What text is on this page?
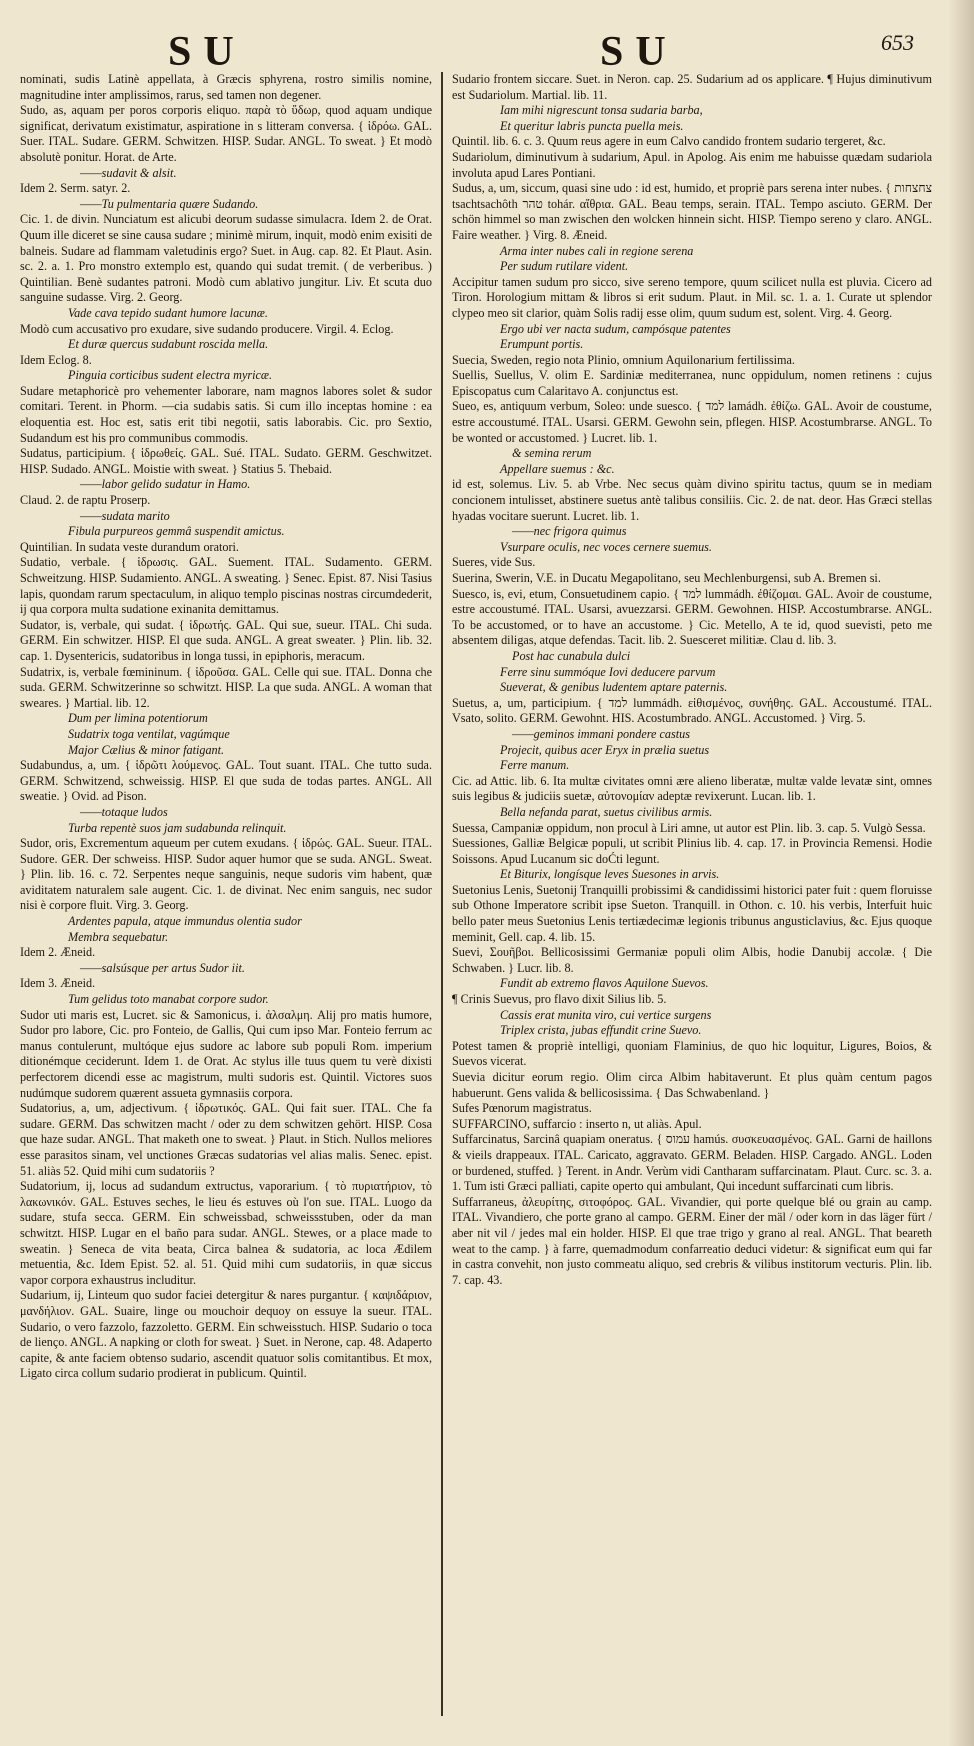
SU	SU	653

nominati, sudis Latinè appellata, à Græcis sphyrena, rostro similis nomine, magnitudine inter amplissimos, rarus, sed tamen non degener.

Sudo, as, aquam per poros corporis eliquo. παρὰ τὸ ὕδωρ, quod aquam undique significat, derivatum existimatur, aspiratione in s litteram conversa. { ἱδρόω. GAL. Suer. ITAL. Sudare. GERM. Schwitzen. HISP. Sudar. ANGL. To sweat. } Et modò absolutè ponitur. Horat. de Arte.

——sudavit & alsit.

Idem 2. Serm. satyr. 2.

——Tu pulmentaria quære Sudando.

Cic. 1. de divin. Nunciatum est alicubi deorum sudasse simulacra. Idem 2. de Orat. Quum ille diceret se sine causa sudare ; minimè mirum, inquit, modò enim exisiti de balneis. Sudare ad flammam valetudinis ergo? Suet. in Aug. cap. 82. Et Plaut. Asin. sc. 2. a. 1. Pro monstro extemplo est, quando qui sudat tremit. ( de verberibus. ) Quintilian. Benè sudantes patroni. Modò cum ablativo jungitur. Liv. Et scuta duo sanguine sudasse. Virg. 2. Georg.

Vade cava tepido sudant humore lacunæ.

Modò cum accusativo pro exudare, sive sudando producere. Virgil. 4. Eclog.

Et duræ quercus sudabunt roscida mella.

Idem Eclog. 8.

Pinguia corticibus sudent electra myricæ.

Sudare metaphoricè pro vehementer laborare, nam magnos labores solet & sudor comitari. Terent. in Phorm. —cia sudabis satis. Si cum illo inceptas homine : ea eloquentia est. Hoc est, satis erit tibi negotii, satis laborabis. Cic. pro Sextio, Sudandum est his pro communibus commodis.

Sudatus, participium. { ἱδρωθείς. GAL. Sué. ITAL. Sudato. GERM. Geschwitzet. HISP. Sudado. ANGL. Moistie with sweat. } Statius 5. Thebaid.

——labor gelido sudatur in Hamo.

Claud. 2. de raptu Proserp.

——sudata marito

Fibula purpureos gemmâ suspendit amictus.

Quintilian. In sudata veste durandum oratori.

Sudatio, verbale. { ἱδρωσις. GAL. Suement. ITAL. Sudamento. GERM. Schweitzung. HISP. Sudamiento. ANGL. A sweating. } Senec. Epist. 87. Nisi Tasius lapis, quondam rarum spectaculum, in aliquo templo piscinas nostras circumdederit, ij qua corpora multa sudatione exinanita demittamus.

Sudator, is, verbale, qui sudat. { ἱδρωτής. GAL. Qui sue, sueur. ITAL. Chi suda. GERM. Ein schwitzer. HISP. El que suda. ANGL. A great sweater. } Plin. lib. 32. cap. 1. Dysentericis, sudatoribus in longa tussi, in epiphoris, meracum.

Sudatrix, is, verbale fœmininum. { ἱδροῦσα. GAL. Celle qui sue. ITAL. Donna che suda. GERM. Schwitzerinne so schwitzt. HISP. La que suda. ANGL. A woman that sweares. } Martial. lib. 12.

Dum per limina potentiorum

Sudatrix toga ventilat, vagúmque

Major Cælius & minor fatigant.

Sudabundus, a, um. { ἱδρῶτι λούμενος. GAL. Tout suant. ITAL. Che tutto suda. GERM. Schwitzend, schweissig. HISP. El que suda de todas partes. ANGL. All sweatie. } Ovid. ad Pison.

——totaque ludos

Turba repentè suos jam sudabunda relinquit.

Sudor, oris, Excrementum aqueum per cutem exudans. { ἱδρώς. GAL. Sueur. ITAL. Sudore. GER. Der schweiss. HISP. Sudor aquer humor que se suda. ANGL. Sweat. } Plin. lib. 16. c. 72. Serpentes neque sanguinis, neque sudoris vim habent, quæ aviditatem naturalem sale augent. Cic. 1. de divinat. Nec enim sanguis, nec sudor nisi è corpore fluit. Virg. 3. Georg.

Ardentes papula, atque immundus olentia sudor

Membra sequebatur.

Idem 2. Æneid.

——salsúsque per artus Sudor iit.

Idem 3. Æneid.

Tum gelidus toto manabat corpore sudor.

Sudor uti maris est, Lucret. sic & Samonicus, i. ἀλσαλμη. Alij pro matis humore, Sudor pro labore, Cic. pro Fonteio, de Gallis, Qui cum ipso Mar. Fonteio ferrum ac manus contulerunt, multóque ejus sudore ac labore sub populi Rom. imperium ditionémque ceciderunt. Idem 1. de Orat. Ac stylus ille tuus quem tu verè dixisti perfectorem dicendi esse ac magistrum, multi sudoris est. Quintil. Victores suos nudúmque sudorem quærent assueta gymnasiis corpora.

Sudatorius, a, um, adjectivum. { ἱδρωτικός. GAL. Qui fait suer. ITAL. Che fa sudare. GERM. Das schwitzen macht / oder zu dem schwitzen gehört. HISP. Cosa que haze sudar. ANGL. That maketh one to sweat. } Plaut. in Stich. Nullos meliores esse parasitos sinam, vel unctiones Græcas sudatorias vel alias malis. Senec. epist. 51. aliàs 52. Quid mihi cum sudatoriis ?

Sudatorium, ij, locus ad sudandum extructus, vaporarium. { τὸ πυριατήριον, τὸ λακωνικόν. GAL. Estuves seches, le lieu és estuves où l'on sue. ITAL. Luogo da sudare, stufa secca. GERM. Ein schweissbad, schweissstuben, oder da man schwitzt. HISP. Lugar en el baño para sudar. ANGL. Stewes, or a place made to sweatin. } Seneca de vita beata, Circa balnea & sudatoria, ac loca Ædilem metuentia, &c. Idem Epist. 52. al. 51. Quid mihi cum sudatoriis, in quæ siccus vapor corpora exhaustrus includitur.

Sudarium, ij, Linteum quo sudor faciei detergitur & nares purgantur. { καψιδάριον, μανδήλιον. GAL. Suaire, linge ou mouchoir dequoy on essuye la sueur. ITAL. Sudario, o vero fazzolo, fazzoletto. GERM. Ein schweisstuch. HISP. Sudario o toca de lienço. ANGL. A napking or cloth for sweat. } Suet. in Nerone, cap. 48. Adaperto capite, & ante faciem obtenso sudario, ascendit quatuor solis comitantibus. Et mox, Ligato circa collum sudario prodierat in publicum. Quintil.

Sudario frontem siccare. Suet. in Neron. cap. 25. Sudarium ad os applicare. ¶ Hujus diminutivum est Sudariolum. Martial. lib. 11.

Iam mihi nigrescunt tonsa sudaria barba,

Et queritur labris puncta puella meis.

Quintil. lib. 6. c. 3. Quum reus agere in eum Calvo candido frontem sudario tergeret, &c.

Sudariolum, diminutivum à sudarium, Apul. in Apolog. Ais enim me habuisse quædam sudariola involuta apud Lares Pontiani.

Sudus, a, um, siccum, quasi sine udo : id est, humido, et propriè pars serena inter nubes. { צחצחות tsachtsachôth טהר tohár. αἴθρια. GAL. Beau temps, serain. ITAL. Tempo asciuto. GERM. Der schön himmel so man zwischen den wolcken hinnein sicht. HISP. Tiempo sereno y claro. ANGL. Faire weather. } Virg. 8. Æneid.

Arma inter nubes cali in regione serena

Per sudum rutilare vident.

Accipitur tamen sudum pro sicco, sive sereno tempore, quum scilicet nulla est pluvia. Cicero ad Tiron. Horologium mittam & libros si erit sudum. Plaut. in Mil. sc. 1. a. 1. Curate ut splendor clypeo meo sit clarior, quàm Solis radij esse olim, quum sudum est, solent. Virg. 4. Georg.

Ergo ubi ver nacta sudum, campósque patentes

Erumpunt portis.

Suecia, Sweden, regio nota Plinio, omnium Aquilonarium fertilissima.

Suellis, Suellus, V. olim E. Sardiniæ mediterranea, nunc oppidulum, nomen retinens : cujus Episcopatus cum Calaritavo A. conjunctus est.

Sueo, es, antiquum verbum, Soleo: unde suesco. { למד lamádh. ἐθίζω. GAL. Avoir de coustume, estre accoustumé. ITAL. Usarsi. GERM. Gewohn sein, pflegen. HISP. Acostumbrarse. ANGL. To be wonted or accustomed. } Lucret. lib. 1.

& semina rerum

Appellare suemus : &c.

id est, solemus. Liv. 5. ab Vrbe. Nec secus quàm divino spiritu tactus, quum se in mediam concionem intulisset, abstinere suetus antè talibus consiliis. Cic. 2. de nat. deor. Has Græci stellas hyadas vocitare suerunt. Lucret. lib. 1.

——nec frigora quimus

Vsurpare oculis, nec voces cernere suemus.

Sueres, vide Sus.

Suerina, Swerin, V.E. in Ducatu Megapolitano, seu Mechlenburgensi, sub A. Bremen si.

Suesco, is, evi, etum, Consuetudinem capio. { למד lummádh. ἐθίζομαι. GAL. Avoir de coustume, estre accoustumé. ITAL. Usarsi, avuezzarsi. GERM. Gewohnen. HISP. Accostumbrarse. ANGL. To be accustomed, or to have an accustome. } Cic. Metello, A te id, quod suevisti, peto me absentem diligas, atque defendas. Tacit. lib. 2. Suesceret militiæ. Clau d. lib. 3.

Post hac cunabula dulci

Ferre sinu summóque Iovi deducere parvum

Sueverat, & genibus ludentem aptare paternis.

Suetus, a, um, participium. { למד lummádh. εἰθισμένος, συνήθης. GAL. Accoustumé. ITAL. Vsato, solito. GERM. Gewohnt. HIS. Acostumbrado. ANGL. Accustomed. } Virg. 5.

——geminos immani pondere castus

Projecit, quibus acer Eryx in prælia suetus

Ferre manum.

Cic. ad Attic. lib. 6. Ita multæ civitates omni ære alieno liberatæ, multæ valde levatæ sint, omnes suis legibus & judiciis suetæ, αὐτονομίαν adeptæ revixerunt. Lucan. lib. 1.

Bella nefanda parat, suetus civilibus armis.

Suessa, Campaniæ oppidum, non procul à Liri amne, ut autor est Plin. lib. 3. cap. 5. Vulgò Sessa.

Suessiones, Galliæ Belgicæ populi, ut scribit Plinius lib. 4. cap. 17. in Provincia Remensi. Hodie Soissons. Apud Lucanum sic doĆti legunt.

Et Biturix, longísque leves Suesones in arvis.

Suetonius Lenis, Suetonij Tranquilli probissimi & candidissimi historici pater fuit : quem floruisse sub Othone Imperatore scribit ipse Sueton. Tranquill. in Othon. c. 10. his verbis, Interfuit huic bello pater meus Suetonius Lenis tertiædecimæ legionis tribunus angusticlavius, &c. Ejus quoque meminit, Gell. cap. 4. lib. 15.

Suevi, Σουῆβοι. Bellicosissimi Germaniæ populi olim Albis, hodie Danubij accolæ. { Die Schwaben. } Lucr. lib. 8.

Fundit ab extremo flavos Aquilone Suevos.

¶ Crinis Suevus, pro flavo dixit Silius lib. 5.

Cassis erat munita viro, cui vertice surgens

Triplex crista, jubas effundit crine Suevo.

Potest tamen & propriè intelligi, quoniam Flaminius, de quo hic loquitur, Ligures, Boios, & Suevos vicerat.

Suevia dicitur eorum regio. Olim circa Albim habitaverunt. Et plus quàm centum pagos habuerunt. Gens valida & bellicosissima. { Das Schwabenland. }

Sufes Pœnorum magistratus.

SUFFARCINO, suffarcio : inserto n, ut aliàs. Apul.

Suffarcinatus, Sarcinâ quapiam oneratus. { עמוס hamús. συσκευασμένος. GAL. Garni de haillons & vieils drappeaux. ITAL. Caricato, aggravato. GERM. Beladen. HISP. Cargado. ANGL. Loden or burdened, stuffed. } Terent. in Andr. Verùm vidi Cantharam suffarcinatam. Plaut. Curc. sc. 3. a. 1. Tum isti Græci palliati, capite operto qui ambulant, Qui incedunt suffarcinati cum libris.

Suffarraneus, ἀλευρίτης, σιτοφόρος. GAL. Vivandier, qui porte quelque blé ou grain au camp. ITAL. Vivandiero, che porte grano al campo. GERM. Einer der mäl / oder korn in das läger fürt / aber nit vil / jedes mal ein holder. HISP. El que trae trigo y grano al real. ANGL. That beareth weat to the camp. } à farre, quemadmodum confarreatio deduci videtur: & significat eum qui far in castra convehit, non justo commeatu aliquo, sed crebris & vilibus institorum vecturis. Plin. lib. 7. cap. 43.
